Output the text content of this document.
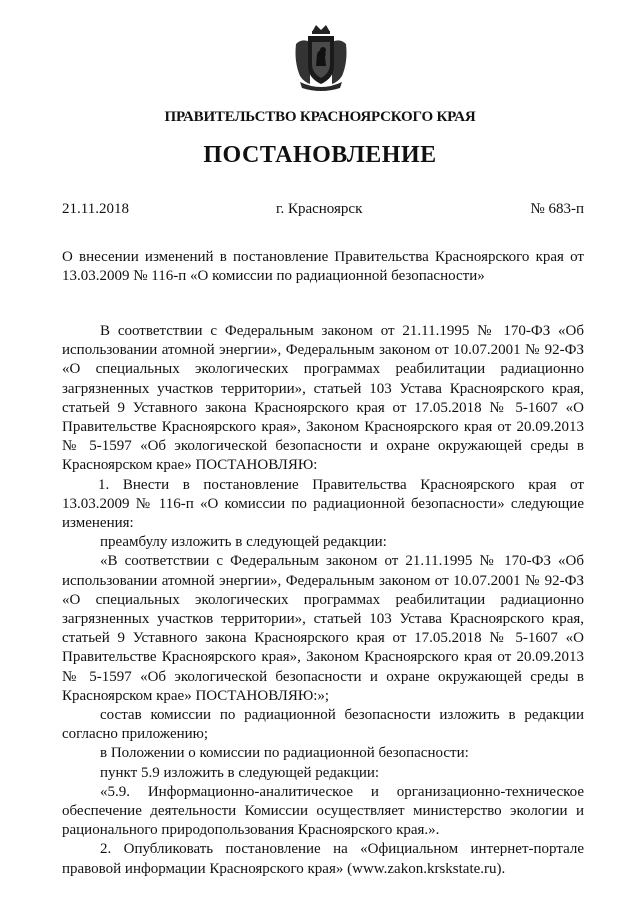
ПРАВИТЕЛЬСТВО КРАСНОЯРСКОГО КРАЯ
ПОСТАНОВЛЕНИЕ
21.11.2018	г. Красноярск	№ 683-п
О внесении изменений в постановление Правительства Красноярского края от 13.03.2009 № 116-п «О комиссии по радиационной безопасности»

В соответствии с Федеральным законом от 21.11.1995 № 170-ФЗ «Об использовании атомной энергии», Федеральным законом от 10.07.2001 № 92-ФЗ «О специальных экологических программах реабилитации радиационно загрязненных участков территории», статьей 103 Устава Красноярского края, статьей 9 Уставного закона Красноярского края от 17.05.2018 № 5-1607 «О Правительстве Красноярского края», Законом Красноярского края от 20.09.2013 № 5-1597 «Об экологической безопасности и охране окружающей среды в Красноярском крае» ПОСТАНОВЛЯЮ:

1. Внести в постановление Правительства Красноярского края от 13.03.2009 № 116-п «О комиссии по радиационной безопасности» следующие изменения:

преамбулу изложить в следующей редакции:

«В соответствии с Федеральным законом от 21.11.1995 № 170-ФЗ «Об использовании атомной энергии», Федеральным законом от 10.07.2001 № 92-ФЗ «О специальных экологических программах реабилитации радиационно загрязненных участков территории», статьей 103 Устава Красноярского края, статьей 9 Уставного закона Красноярского края от 17.05.2018 № 5-1607 «О Правительстве Красноярского края», Законом Красноярского края от 20.09.2013 № 5-1597 «Об экологической безопасности и охране окружающей среды в Красноярском крае» ПОСТАНОВЛЯЮ:»;

состав комиссии по радиационной безопасности изложить в редакции согласно приложению;

в Положении о комиссии по радиационной безопасности:

пункт 5.9 изложить в следующей редакции:

«5.9. Информационно-аналитическое и организационно-техническое обеспечение деятельности Комиссии осуществляет министерство экологии и рационального природопользования Красноярского края.».

2. Опубликовать постановление на «Официальном интернет-портале правовой информации Красноярского края» (www.zakon.krskstate.ru).
